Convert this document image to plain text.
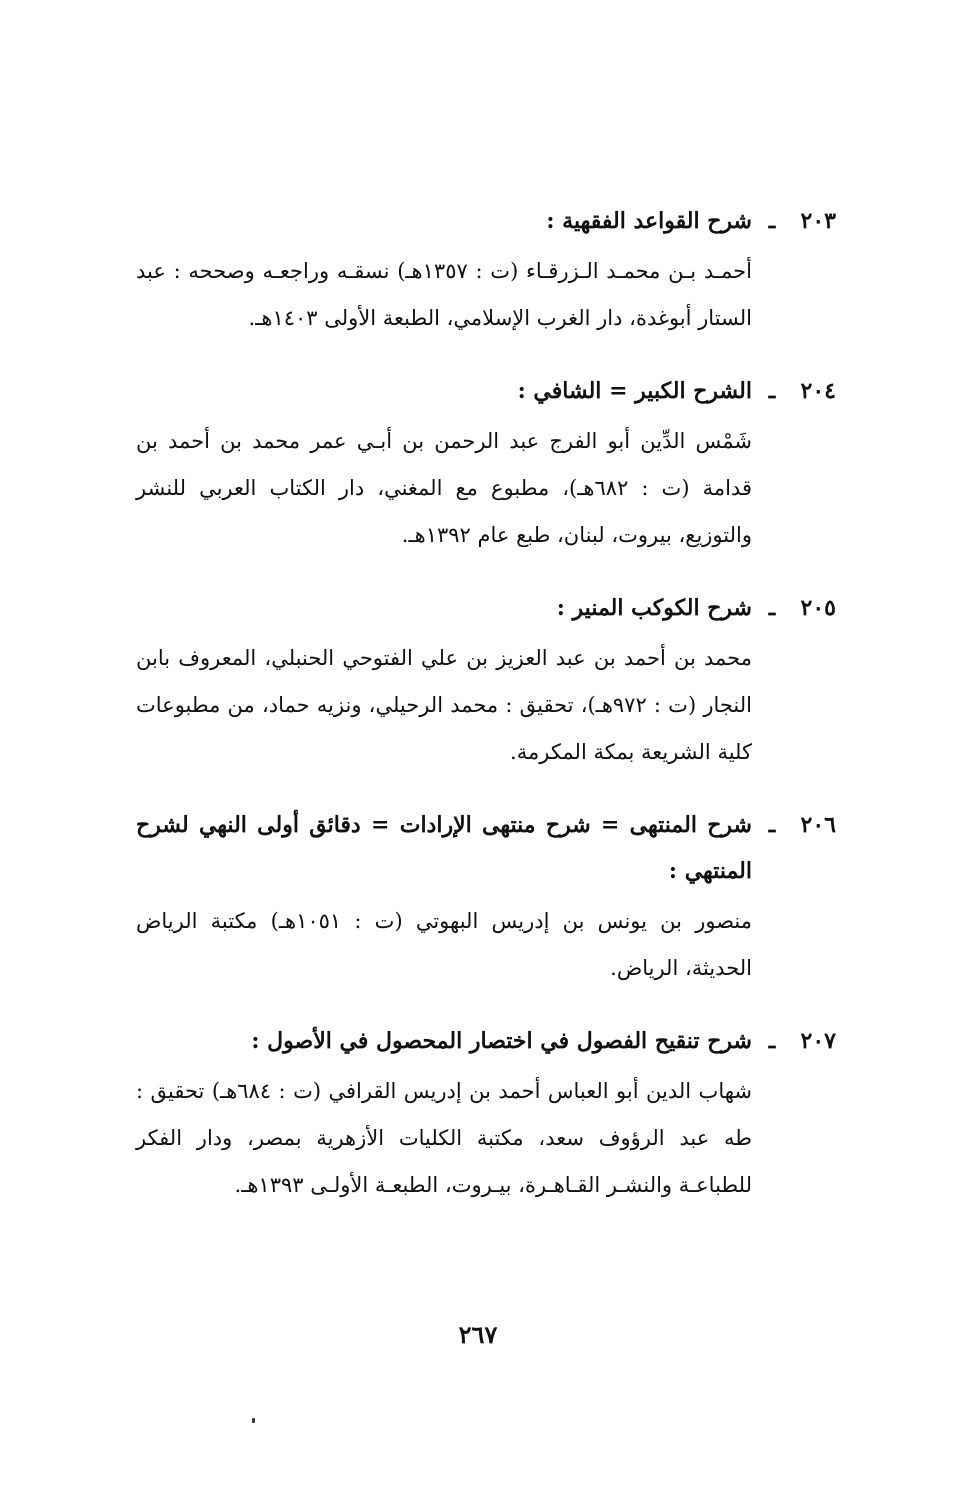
٢٠٣
ـ
شرح القواعد الفقهية :
أحمـد بـن محمـد الـزرقـاء (ت : ١٣٥٧هـ) نسقـه وراجعـه وصححه : عبد الستار أبوغدة، دار الغرب الإسلامي، الطبعة الأولى ١٤٠٣هـ.
٢٠٤
ـ
الشرح الكبير = الشافي :
شَمْس الدِّين أبو الفرج عبد الرحمن بن أبـي عمر محمد بن أحمد بن قدامة (ت : ٦٨٢هـ)، مطبوع مع المغني، دار الكتاب العربي للنشر والتوزيع، بيروت، لبنان، طبع عام ١٣٩٢هـ.
٢٠٥
ـ
شرح الكوكب المنير :
محمد بن أحمد بن عبد العزيز بن علي الفتوحي الحنبلي، المعروف بابن النجار (ت : ٩٧٢هـ)، تحقيق : محمد الرحيلي، ونزيه حماد، من مطبوعات كلية الشريعة بمكة المكرمة.
٢٠٦
ـ
شرح المنتهى = شرح منتهى الإرادات = دقائق أولى النهي لشرح المنتهي :
منصور بن يونس بن إدريس البهوتي (ت : ١٠٥١هـ) مكتبة الرياض الحديثة، الرياض.
٢٠٧
ـ
شرح تنقيح الفصول في اختصار المحصول في الأصول :
شهاب الدين أبو العباس أحمد بن إدريس القرافي (ت : ٦٨٤هـ) تحقيق : طه عبد الرؤوف سعد، مكتبة الكليات الأزهرية بمصر، ودار الفكر للطباعـة والنشـر القـاهـرة، بيـروت، الطبعـة الأولـى ١٣٩٣هـ.
٢٦٧
